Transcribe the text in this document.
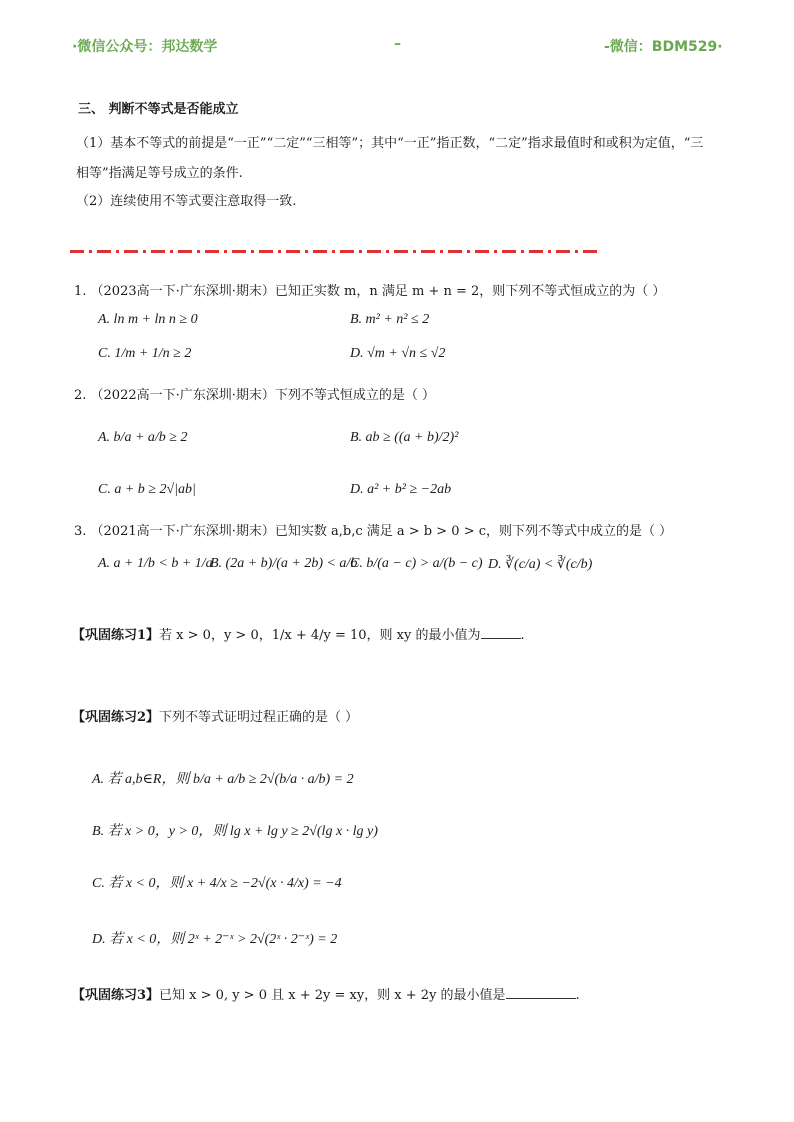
·微信公众号：邦达数学	–	-微信：BDM529·
三、 判断不等式是否能成立
（1）基本不等式的前提是“一正”“二定”“三相等”；其中“一正”指正数，“二定”指求最值时和或积为定值，“三
相等”指满足等号成立的条件.
（2）连续使用不等式要注意取得一致.
1. （2023高一下·广东深圳·期末）已知正实数 m，n 满足 m + n = 2，则下列不等式恒成立的为（ ）
A. ln m + ln n ≥ 0	B. m² + n² ≤ 2
C. 1/m + 1/n ≥ 2	D. √m + √n ≤ √2
2. （2022高一下·广东深圳·期末）下列不等式恒成立的是（ ）
A. b/a + a/b ≥ 2	B. ab ≥ ((a + b)/2)²
C. a + b ≥ 2√|ab|	D. a² + b² ≥ −2ab
3. （2021高一下·广东深圳·期末）已知实数 a,b,c 满足 a > b > 0 > c，则下列不等式中成立的是（ ）
A. a + 1/b < b + 1/a
B. (2a + b)/(a + 2b) < a/b
C. b/(a − c) > a/(b − c) D. ∛(c/a) < ∛(c/b)
【巩固练习1】若 x > 0，y > 0，1/x + 4/y = 10，则 xy 的最小值为	.
【巩固练习2】下列不等式证明过程正确的是（ ）
A. 若 a,b∈R，则 b/a + a/b ≥ 2√(b/a · a/b) = 2
B. 若 x > 0，y > 0，则 lg x + lg y ≥ 2√(lg x · lg y)
C. 若 x < 0，则 x + 4/x ≥ −2√(x · 4/x) = −4
D. 若 x < 0，则 2ˣ + 2⁻ˣ > 2√(2ˣ · 2⁻ˣ) = 2
【巩固练习3】已知 x > 0, y > 0 且 x + 2y = xy，则 x + 2y 的最小值是	.
